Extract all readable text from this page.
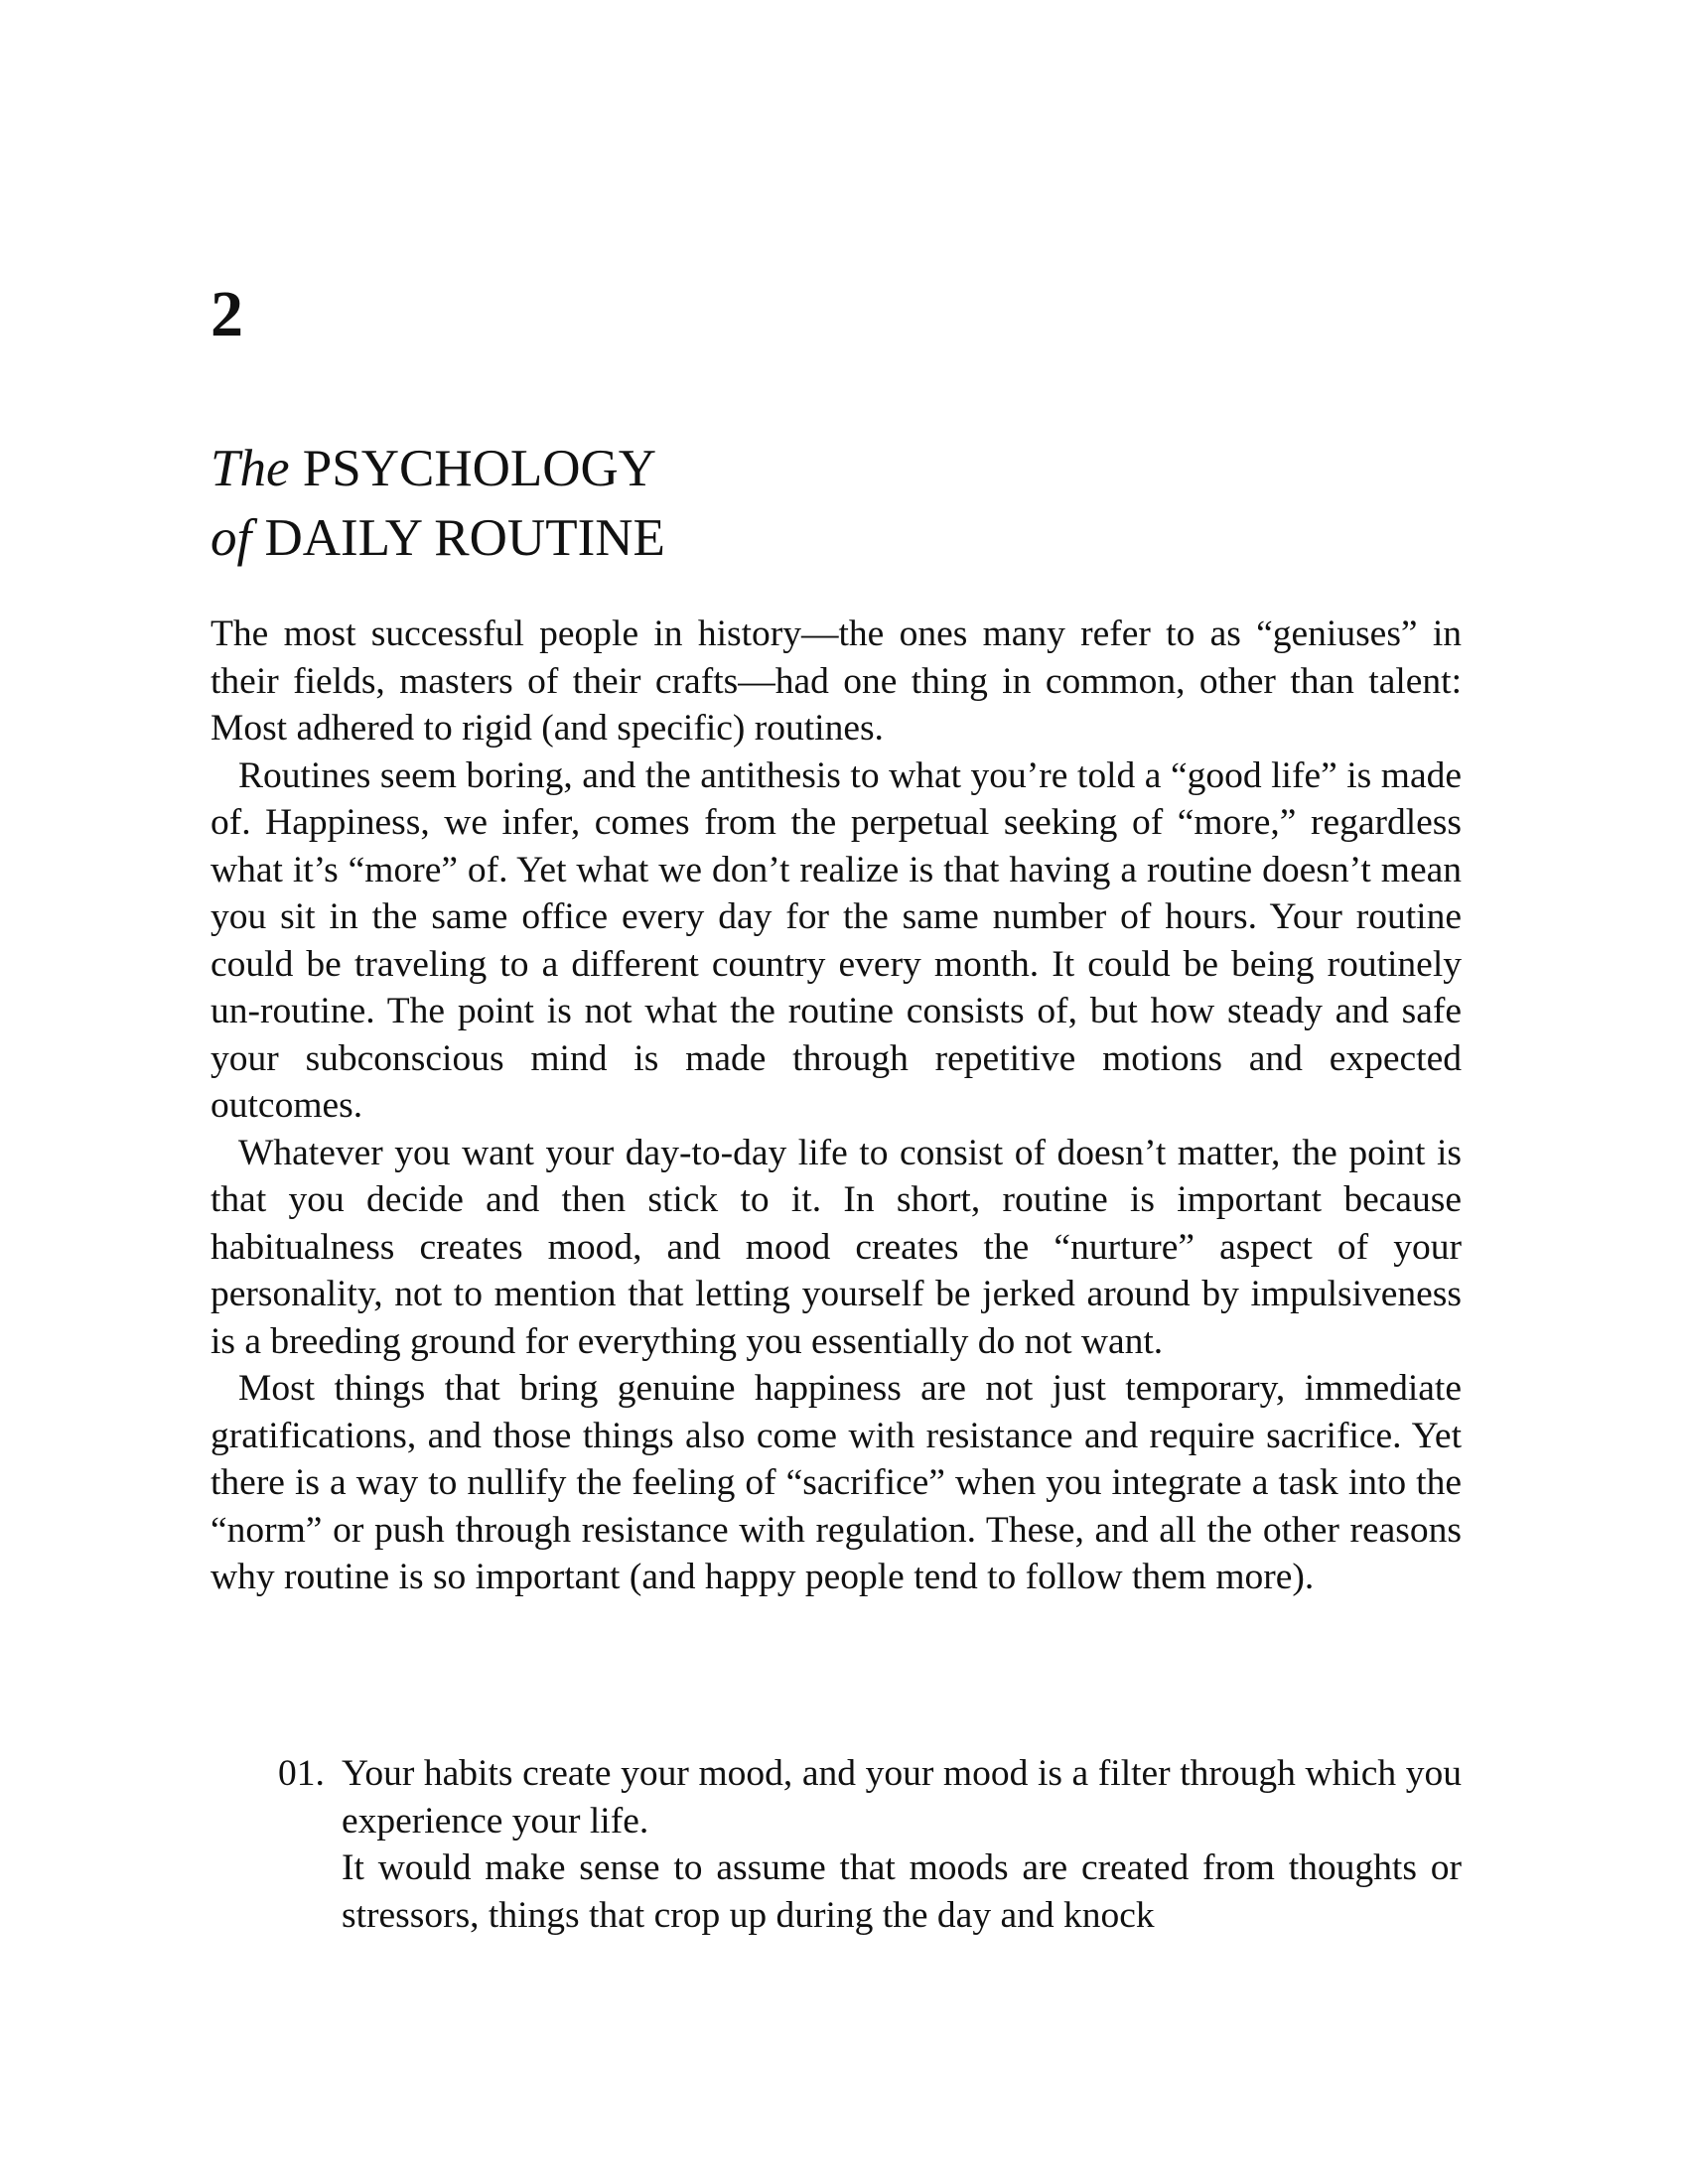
2
The PSYCHOLOGY
of DAILY ROUTINE

The most successful people in history—the ones many refer to as “geniuses” in their fields, masters of their crafts—had one thing in common, other than talent: Most adhered to rigid (and specific) routines.

Routines seem boring, and the antithesis to what you’re told a “good life” is made of. Happiness, we infer, comes from the perpetual seeking of “more,” regardless what it’s “more” of. Yet what we don’t realize is that having a routine doesn’t mean you sit in the same office every day for the same number of hours. Your routine could be traveling to a different country every month. It could be being routinely un-routine. The point is not what the routine consists of, but how steady and safe your subconscious mind is made through repetitive motions and expected outcomes.

Whatever you want your day-to-day life to consist of doesn’t matter, the point is that you decide and then stick to it. In short, routine is important because habitualness creates mood, and mood creates the “nurture” aspect of your personality, not to mention that letting yourself be jerked around by impulsiveness is a breeding ground for everything you essentially do not want.

Most things that bring genuine happiness are not just temporary, immediate gratifications, and those things also come with resistance and require sacrifice. Yet there is a way to nullify the feeling of “sacrifice” when you integrate a task into the “norm” or push through resistance with regulation. These, and all the other reasons why routine is so important (and happy people tend to follow them more).

01. Your habits create your mood, and your mood is a filter through which you experience your life.

It would make sense to assume that moods are created from thoughts or stressors, things that crop up during the day and knock
